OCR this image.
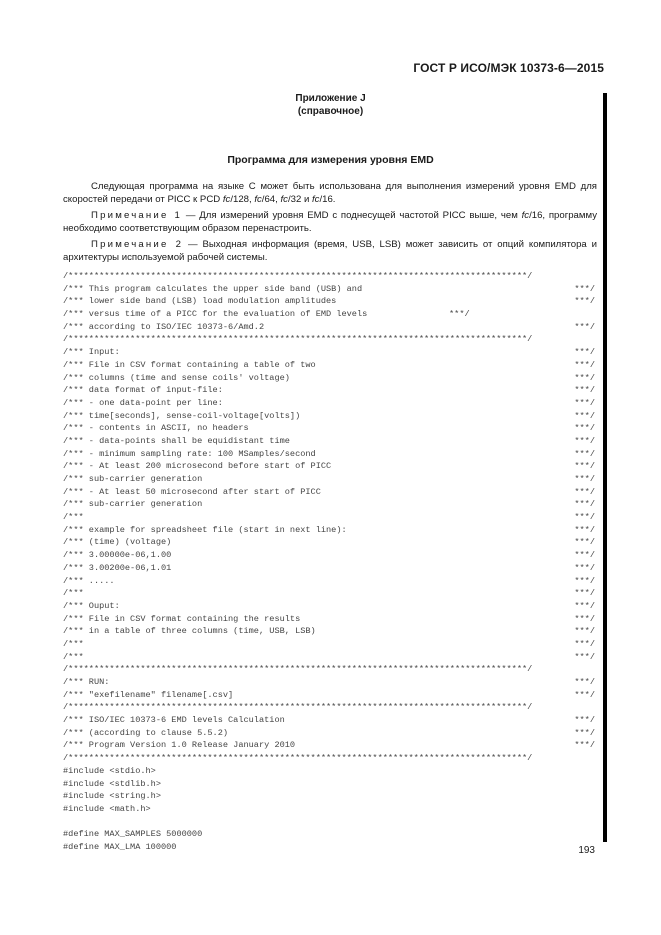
ГОСТ Р ИСО/МЭК 10373-6—2015
Приложение J
(справочное)
Программа для измерения уровня EMD
Следующая программа на языке C может быть использована для выполнения измерений уровня EMD для скоростей передачи от PICC к PCD fc/128, fc/64, fc/32 и fc/16.
Примечание 1 — Для измерений уровня EMD с поднесущей частотой PICC выше, чем fc/16, программу необходимо соответствующим образом перенастроить.
Примечание 2 — Выходная информация (время, USB, LSB) может зависить от опций компилятора и архитектуры используемой рабочей системы.
/*****************************************************************************************/
/*** This program calculates the upper side band (USB) and	***/
/*** lower side band (LSB) load modulation amplitudes	***/
/*** versus time of a PICC for the evaluation of EMD levels	***/
/*** according to ISO/IEC 10373-6/Amd.2	***/
/*****************************************************************************************/
/*** Input:	***/
/*** File in CSV format containing a table of two	***/
/*** columns (time and sense coils' voltage)	***/
/*** data format of input-file:	***/
/*** - one data-point per line:	***/
/*** time[seconds], sense-coil-voltage[volts])	***/
/*** - contents in ASCII, no headers	***/
/*** - data-points shall be equidistant time	***/
/*** - minimum sampling rate: 100 MSamples/second	***/
/*** - At least 200 microsecond before start of PICC	***/
/*** sub-carrier generation	***/
/*** - At least 50 microsecond after start of PICC	***/
/*** sub-carrier generation	***/
/***	***/
/*** example for spreadsheet file (start in next line):	***/
/*** (time) (voltage)	***/
/*** 3.00000e-06,1.00	***/
/*** 3.00200e-06,1.01	***/
/*** .....	***/
/***	***/
/*** Ouput:	***/
/*** File in CSV format containing the results	***/
/*** in a table of three columns (time, USB, LSB)	***/
/***	***/
/***	***/
/*****************************************************************************************/
/*** RUN:	***/
/*** "exefilename" filename[.csv]	***/
/*****************************************************************************************/
/*** ISO/IEC 10373-6 EMD levels Calculation	***/
/*** (according to clause 5.5.2)	***/
/*** Program Version 1.0 Release January 2010	***/
/*****************************************************************************************/
#include <stdio.h>
#include <stdlib.h>
#include <string.h>
#include <math.h>
#define MAX_SAMPLES 5000000
#define MAX_LMA 100000	193
